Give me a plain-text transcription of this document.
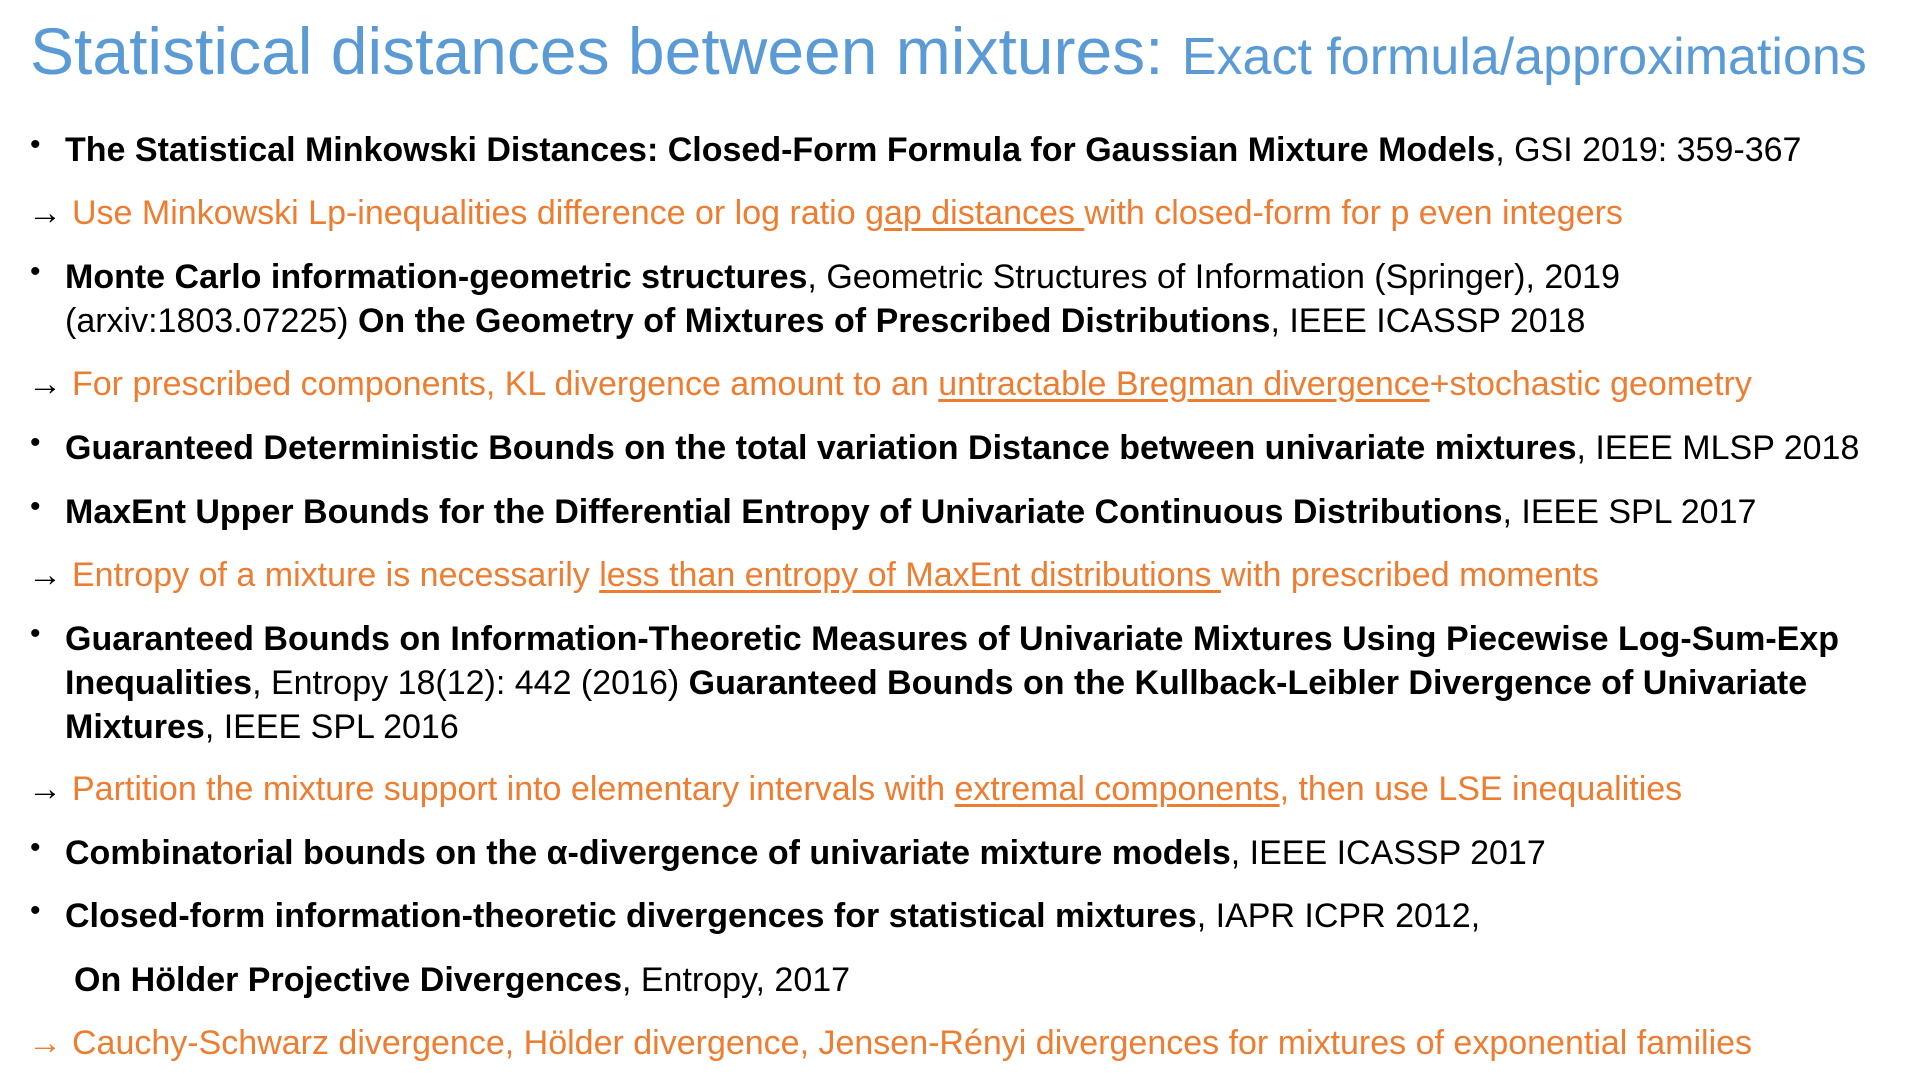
Statistical distances between mixtures: Exact formula/approximations
• The Statistical Minkowski Distances: Closed-Form Formula for Gaussian Mixture Models, GSI 2019: 359-367
→ Use Minkowski Lp-inequalities difference or log ratio gap distances with closed-form for p even integers
• Monte Carlo information-geometric structures, Geometric Structures of Information (Springer), 2019
(arxiv:1803.07225) On the Geometry of Mixtures of Prescribed Distributions, IEEE ICASSP 2018
→ For prescribed components, KL divergence amount to an untractable Bregman divergence+stochastic geometry
• Guaranteed Deterministic Bounds on the total variation Distance between univariate mixtures, IEEE MLSP 2018
• MaxEnt Upper Bounds for the Differential Entropy of Univariate Continuous Distributions, IEEE SPL 2017
→ Entropy of a mixture is necessarily less than entropy of MaxEnt distributions with prescribed moments
• Guaranteed Bounds on Information-Theoretic Measures of Univariate Mixtures Using Piecewise Log-Sum-Exp
Inequalities, Entropy 18(12): 442 (2016) Guaranteed Bounds on the Kullback-Leibler Divergence of Univariate
Mixtures, IEEE SPL 2016
→ Partition the mixture support into elementary intervals with extremal components, then use LSE inequalities
• Combinatorial bounds on the α-divergence of univariate mixture models, IEEE ICASSP 2017
• Closed-form information-theoretic divergences for statistical mixtures, IAPR ICPR 2012,
On Hölder Projective Divergences, Entropy, 2017
→ Cauchy-Schwarz divergence, Hölder divergence, Jensen-Rényi divergences for mixtures of exponential families
